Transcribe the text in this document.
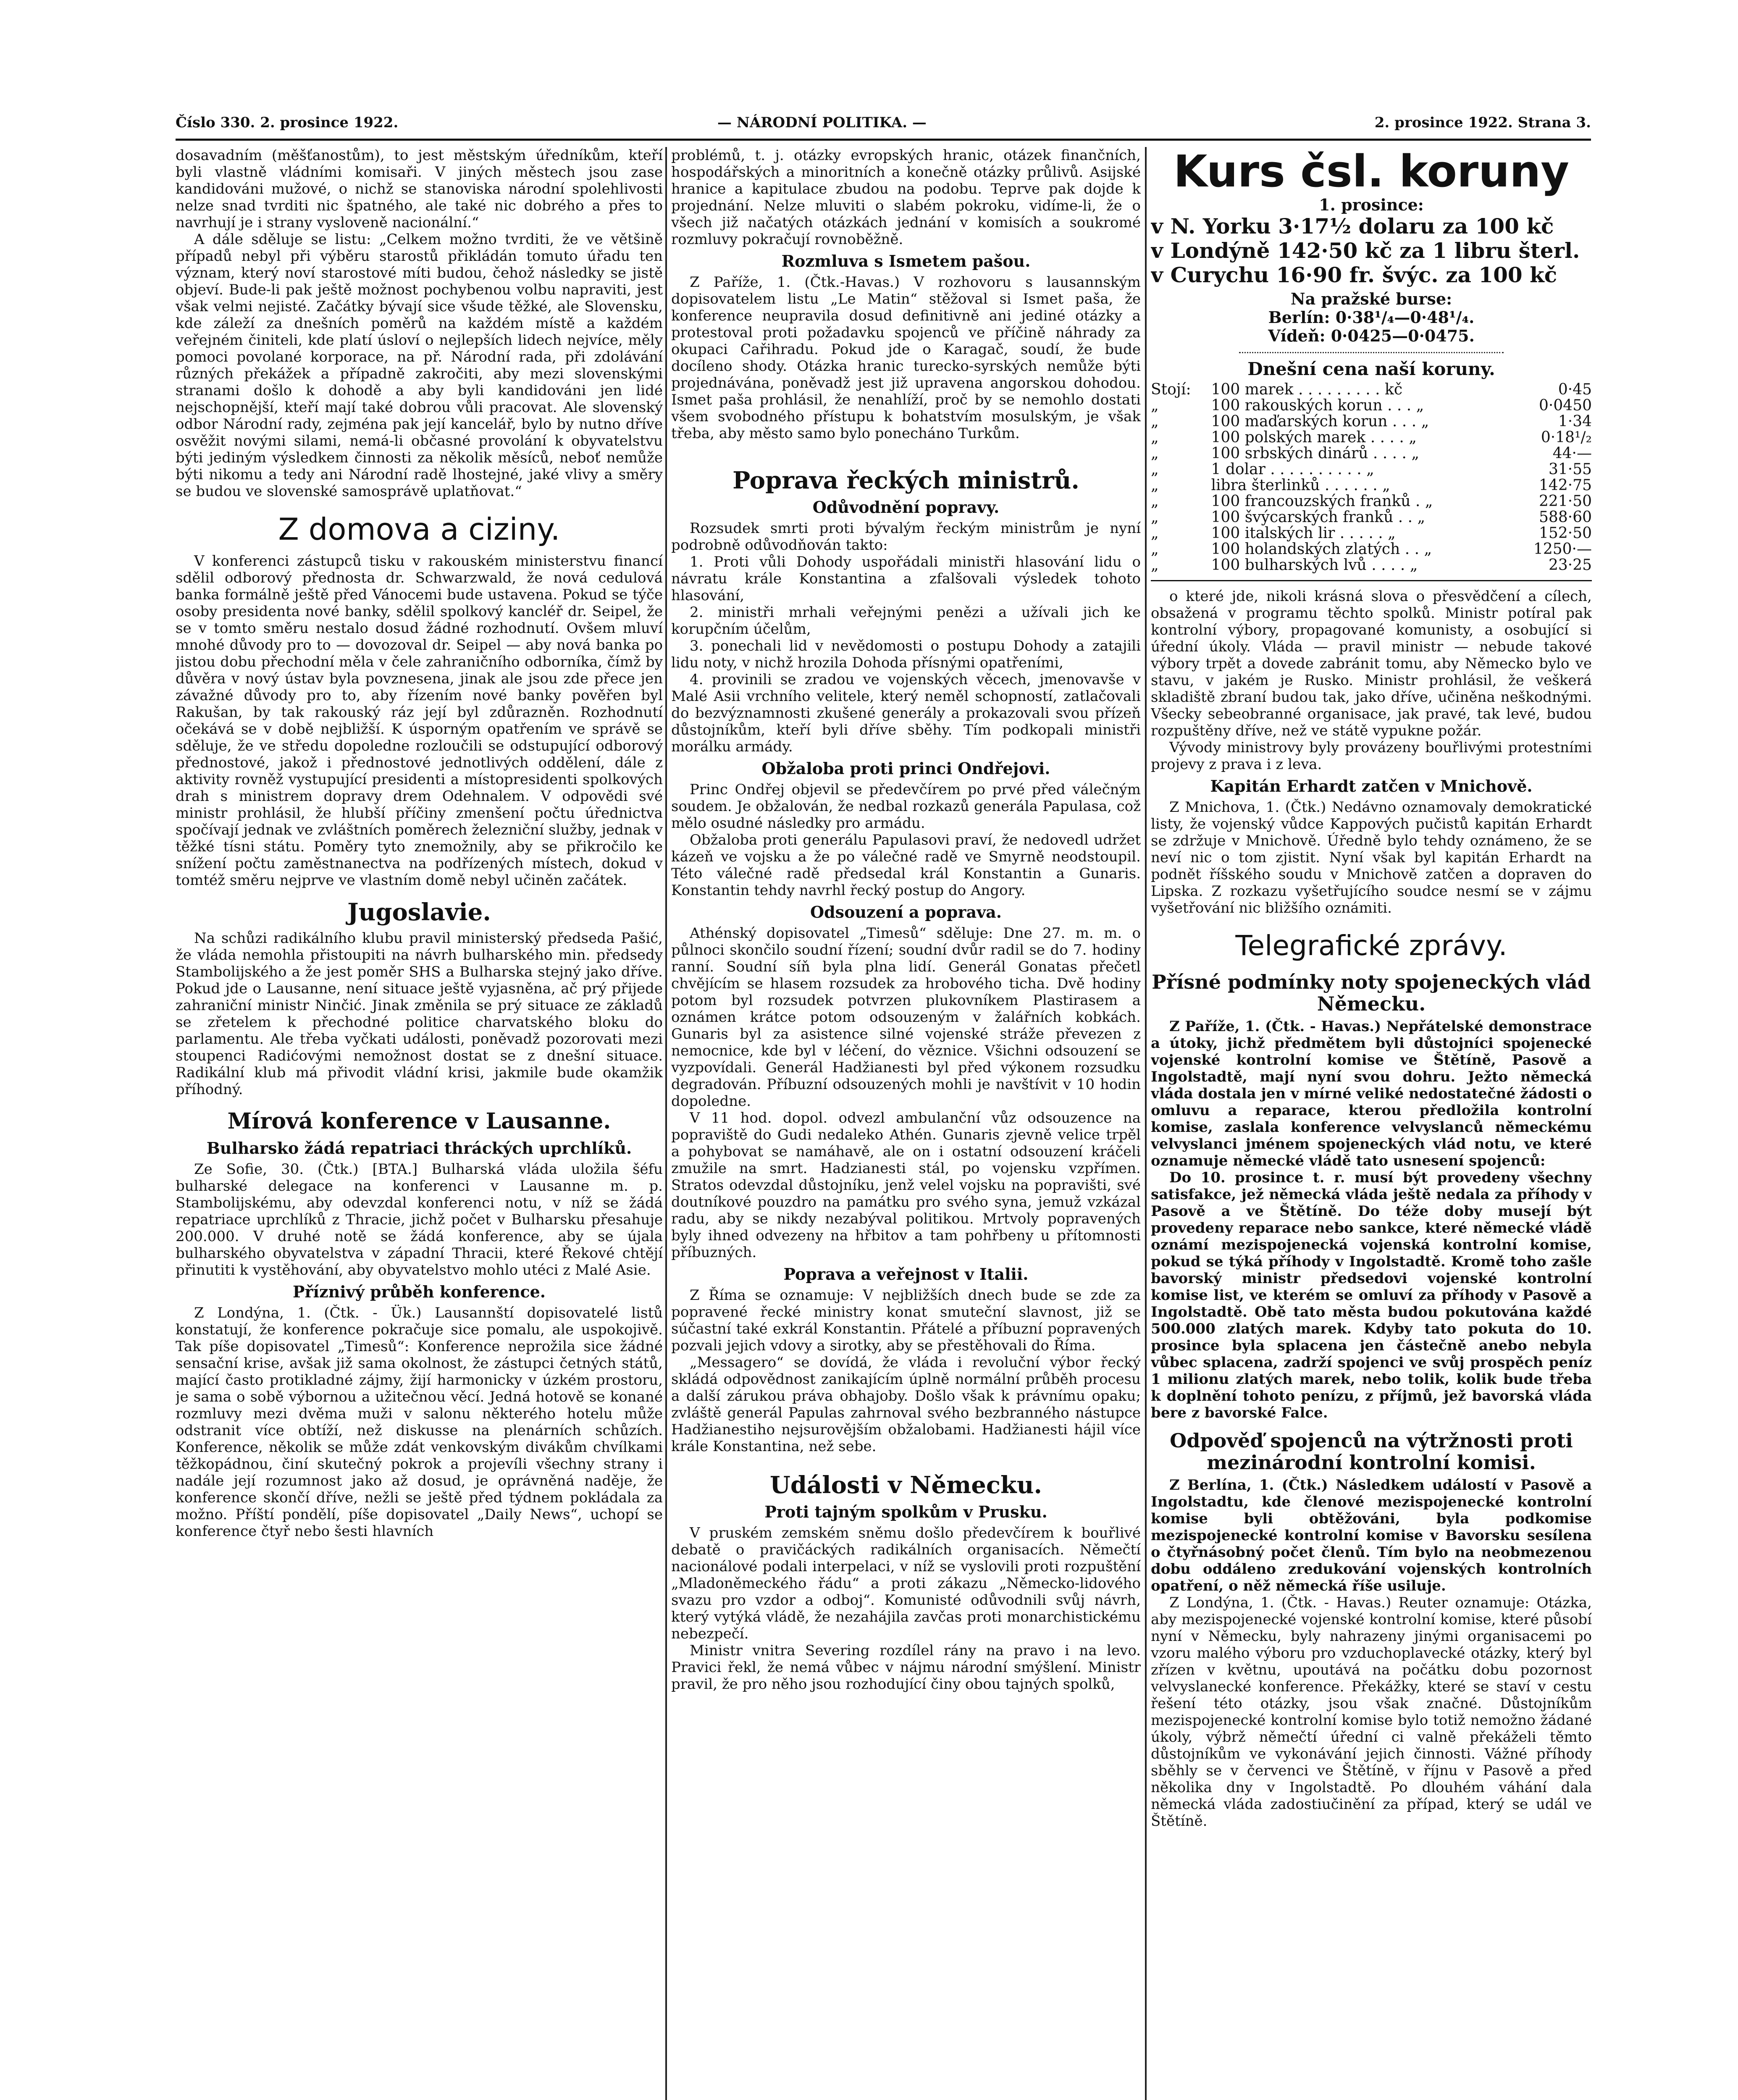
Číslo 330. 2. prosince 1922.	— NÁRODNÍ POLITIKA. —	2. prosince 1922. Strana 3.

dosavadním (měšťanostům), to jest městským úředníkům, kteří byli vlastně vládními komisaři. V jiných městech jsou zase kandidováni mužové, o nichž se stanoviska národní spolehlivosti nelze snad tvrditi nic špatného, ale také nic dobrého a přes to navrhují je i strany vysloveně nacionální.“

A dále sděluje se listu: „Celkem možno tvrditi, že ve většině případů nebyl při výběru starostů přikládán tomuto úřadu ten význam, který noví starostové míti budou, čehož následky se jistě objeví. Bude-li pak ještě možnost pochybenou volbu napraviti, jest však velmi nejisté. Začátky bývají sice všude těžké, ale Slovensku, kde záleží za dnešních poměrů na každém místě a každém veřejném činiteli, kde platí úsloví o nejlepších lidech nejvíce, měly pomoci povolané korporace, na př. Národní rada, při zdolávání různých překážek a případně zakročiti, aby mezi slovenskými stranami došlo k dohodě a aby byli kandidováni jen lidé nejschopnější, kteří mají také dobrou vůli pracovat. Ale slovenský odbor Národní rady, zejména pak její kancelář, bylo by nutno dříve osvěžit novými silami, nemá-li občasné provolání k obyvatelstvu býti jediným výsledkem činnosti za několik měsíců, neboť nemůže býti nikomu a tedy ani Národní radě lhostejné, jaké vlivy a směry se budou ve slovenské samosprávě uplatňovat.“

Z domova a ciziny.

V konferenci zástupců tisku v rakouském ministerstvu financí sdělil odborový přednosta dr. Schwarzwald, že nová cedulová banka formálně ještě před Vánocemi bude ustavena. Pokud se týče osoby presidenta nové banky, sdělil spolkový kancléř dr. Seipel, že se v tomto směru nestalo dosud žádné rozhodnutí. Ovšem mluví mnohé důvody pro to — dovozoval dr. Seipel — aby nová banka po jistou dobu přechodní měla v čele zahraničního odborníka, čímž by důvěra v nový ústav byla povznesena, jinak ale jsou zde přece jen závažné důvody pro to, aby řízením nové banky pověřen byl Rakušan, by tak rakouský ráz její byl zdůrazněn. Rozhodnutí očekává se v době nejbližší. K úsporným opatřením ve správě se sděluje, že ve středu dopoledne rozloučili se odstupující odborový přednostové, jakož i přednostové jednotlivých oddělení, dále z aktivity rovněž vystupující presidenti a místopresidenti spolkových drah s ministrem dopravy drem Odehnalem. V odpovědi své ministr prohlásil, že hlubší příčiny zmenšení počtu úřednictva spočívají jednak ve zvláštních poměrech železniční služby, jednak v těžké tísni státu. Poměry tyto znemožnily, aby se přikročilo ke snížení počtu zaměstnanectva na podřízených místech, dokud v tomtéž směru nejprve ve vlastním domě nebyl učiněn začátek.

Jugoslavie.

Na schůzi radikálního klubu pravil ministerský předseda Pašić, že vláda nemohla přistoupiti na návrh bulharského min. předsedy Stambolijského a že jest poměr SHS a Bulharska stejný jako dříve. Pokud jde o Lausanne, není situace ještě vyjasněna, ač prý přijede zahraniční ministr Ninčić. Jinak změnila se prý situace ze základů se zřetelem k přechodné politice charvatského bloku do parlamentu. Ale třeba vyčkati události, poněvadž pozorovati mezi stoupenci Radićovými nemožnost dostat se z dnešní situace. Radikální klub má přivodit vládní krisi, jakmile bude okamžik příhodný.

Mírová konference v Lausanne.
Bulharsko žádá repatriaci thráckých uprchlíků.

Ze Sofie, 30. (Čtk.) [BTA.] Bulharská vláda uložila šéfu bulharské delegace na konferenci v Lausanne m. p. Stambolijskému, aby odevzdal konferenci notu, v níž se žádá repatriace uprchlíků z Thracie, jichž počet v Bulharsku přesahuje 200.000. V druhé notě se žádá konference, aby se újala bulharského obyvatelstva v západní Thracii, které Řekové chtějí přinutiti k vystěhování, aby obyvatelstvo mohlo utéci z Malé Asie.

Příznivý průběh konference.

Z Londýna, 1. (Čtk. - Ük.) Lausannští dopisovatelé listů konstatují, že konference pokračuje sice pomalu, ale uspokojivě. Tak píše dopisovatel „Timesů“: Konference neprožila sice žádné sensační krise, avšak již sama okolnost, že zástupci četných států, mající často protikladné zájmy, žijí harmonicky v úzkém prostoru, je sama o sobě výbornou a užitečnou věcí. Jedná hotově se konané rozmluvy mezi dvěma muži v salonu některého hotelu může odstranit více obtíží, než diskusse na plenárních schůzích. Konference, několik se může zdát venkovským divákům chvílkami těžkopádnou, činí skutečný pokrok a projevíli všechny strany i nadále její rozumnost jako až dosud, je oprávněná naděje, že konference skončí dříve, nežli se ještě před týdnem pokládala za možno. Příští pondělí, píše dopisovatel „Daily News“, uchopí se konference čtyř nebo šesti hlavních

problémů, t. j. otázky evropských hranic, otázek finančních, hospodářských a minoritních a konečně otázky průlivů. Asijské hranice a kapitulace zbudou na podobu. Teprve pak dojde k projednání. Nelze mluviti o slabém pokroku, vidíme-li, že o všech již načatých otázkách jednání v komisích a soukromé rozmluvy pokračují rovnoběžně.

Rozmluva s Ismetem pašou.

Z Paříže, 1. (Čtk.-Havas.) V rozhovoru s lausannským dopisovatelem listu „Le Matin“ stěžoval si Ismet paša, že konference neupravila dosud definitivně ani jediné otázky a protestoval proti požadavku spojenců ve příčině náhrady za okupaci Cařihradu. Pokud jde o Karagač, soudí, že bude docíleno shody. Otázka hranic turecko-syrských nemůže býti projednávána, poněvadž jest již upravena angorskou dohodou. Ismet paša prohlásil, že nenahlíží, proč by se nemohlo dostati všem svobodného přístupu k bohatstvím mosulským, je však třeba, aby město samo bylo ponecháno Turkům.

Poprava řeckých ministrů.
Odůvodnění popravy.

Rozsudek smrti proti bývalým řeckým ministrům je nyní podrobně odůvodňován takto:

1. Proti vůli Dohody uspořádali ministři hlasování lidu o návratu krále Konstantina a zfalšovali výsledek tohoto hlasování,

2. ministři mrhali veřejnými penězi a užívali jich ke korupčním účelům,

3. ponechali lid v nevědomosti o postupu Dohody a zatajili lidu noty, v nichž hrozila Dohoda přísnými opatřeními,

4. provinili se zradou ve vojenských věcech, jmenovavše v Malé Asii vrchního velitele, který neměl schopností, zatlačovali do bezvýznamnosti zkušené generály a prokazovali svou přízeň důstojníkům, kteří byli dříve sběhy. Tím podkopali ministři morálku armády.

Obžaloba proti princi Ondřejovi.

Princ Ondřej objevil se předevčírem po prvé před válečným soudem. Je obžalován, že nedbal rozkazů generála Papulasa, což mělo osudné následky pro armádu.

Obžaloba proti generálu Papulasovi praví, že nedovedl udržet kázeň ve vojsku a že po válečné radě ve Smyrně neodstoupil. Této válečné radě předsedal král Konstantin a Gunaris. Konstantin tehdy navrhl řecký postup do Angory.

Odsouzení a poprava.

Athénský dopisovatel „Timesů“ sděluje: Dne 27. m. m. o půlnoci skončilo soudní řízení; soudní dvůr radil se do 7. hodiny ranní. Soudní síň byla plna lidí. Generál Gonatas přečetl chvějícím se hlasem rozsudek za hrobového ticha. Dvě hodiny potom byl rozsudek potvrzen plukovníkem Plastirasem a oznámen krátce potom odsouzeným v žalářních kobkách. Gunaris byl za asistence silné vojenské stráže převezen z nemocnice, kde byl v léčení, do věznice. Všichni odsouzení se vyzpovídali. Generál Hadžianesti byl před výkonem rozsudku degradován. Příbuzní odsouzených mohli je navštívit v 10 hodin dopoledne.

V 11 hod. dopol. odvezl ambulanční vůz odsouzence na popraviště do Gudi nedaleko Athén. Gunaris zjevně velice trpěl a pohybovat se namáhavě, ale on i ostatní odsouzení kráčeli zmužile na smrt. Hadzianesti stál, po vojensku vzpřímen. Stratos odevzdal důstojníku, jenž velel vojsku na popravišti, své doutníkové pouzdro na památku pro svého syna, jemuž vzkázal radu, aby se nikdy nezabýval politikou. Mrtvoly popravených byly ihned odvezeny na hřbitov a tam pohřbeny u přítomnosti příbuzných.

Poprava a veřejnost v Italii.

Z Říma se oznamuje: V nejbližších dnech bude se zde za popravené řecké ministry konat smuteční slavnost, již se súčastní také exkrál Konstantin. Přátelé a příbuzní popravených pozvali jejich vdovy a sirotky, aby se přestěhovali do Říma.

„Messagero“ se dovídá, že vláda i revoluční výbor řecký skládá odpovědnost zanikajícím úplně normální průběh procesu a další zárukou práva obhajoby. Došlo však k právnímu opaku; zvláště generál Papulas zahrnoval svého bezbranného nástupce Hadžianestiho nejsurovějším obžalobami. Hadžianesti hájil více krále Konstantina, než sebe.

Události v Německu.
Proti tajným spolkům v Prusku.

V pruském zemském sněmu došlo předevčírem k bouřlivé debatě o pravičáckých radikálních organisacích. Němečtí nacionálové podali interpelaci, v níž se vyslovili proti rozpuštění „Mladoněmeckého řádu“ a proti zákazu „Německo-lidového svazu pro vzdor a odboj“. Komunisté odůvodnili svůj návrh, který vytýká vládě, že nezahájila zavčas proti monarchistickému nebezpečí.

Ministr vnitra Severing rozdílel rány na pravo i na levo. Pravici řekl, že nemá vůbec v nájmu národní smýšlení. Ministr pravil, že pro něho jsou rozhodující činy obou tajných spolků,

Kurs čsl. koruny

1. prosince:

v N. Yorku 3·17½ dolaru za 100 kč

v Londýně 142·50 kč za 1 libru šterl.

v Curychu 16·90 fr. švýc. za 100 kč

Na pražské burse:

Berlín: 0·38¹/₄—0·48¹/₄.

Vídeň: 0·0425—0·0475.

Dnešní cena naší koruny.

Stojí:	100 marek . . . . . . . . . kč	0·45
„	100 rakouských korun . . . „	0·0450
„	100 maďarských korun . . . „	1·34
„	100 polských marek . . . . „	0·18¹/₂
„	100 srbských dinárů . . . . „	44·—
„	1 dolar . . . . . . . . . . „	31·55
„	libra šterlinků . . . . . . „	142·75
„	100 francouzských franků . „	221·50
„	100 švýcarských franků . . „	588·60
„	100 italských lir . . . . . „	152·50
„	100 holandských zlatých . . „	1250·—
„	100 bulharských lvů . . . . „	23·25

o které jde, nikoli krásná slova o přesvědčení a cílech, obsažená v programu těchto spolků. Ministr potíral pak kontrolní výbory, propagované komunisty, a osobující si úřední úkoly. Vláda — pravil ministr — nebude takové výbory trpět a dovede zabránit tomu, aby Německo bylo ve stavu, v jakém je Rusko. Ministr prohlásil, že veškerá skladiště zbraní budou tak, jako dříve, učiněna neškodnými. Všecky sebeobranné organisace, jak pravé, tak levé, budou rozpuštěny dříve, než ve státě vypukne požár.

Vývody ministrovy byly provázeny bouřlivými protestními projevy z prava i z leva.

Kapitán Erhardt zatčen v Mnichově.

Z Mnichova, 1. (Čtk.) Nedávno oznamovaly demokratické listy, že vojenský vůdce Kappových pučistů kapitán Erhardt se zdržuje v Mnichově. Úředně bylo tehdy oznámeno, že se neví nic o tom zjistit. Nyní však byl kapitán Erhardt na podnět říšského soudu v Mnichově zatčen a dopraven do Lipska. Z rozkazu vyšetřujícího soudce nesmí se v zájmu vyšetřování nic bližšího oznámiti.

Telegrafické zprávy.
Přísné podmínky noty spojeneckých vlád Německu.

Z Paříže, 1. (Čtk. - Havas.) Nepřátelské demonstrace a útoky, jichž předmětem byli důstojníci spojenecké vojenské kontrolní komise ve Štětíně, Pasově a Ingolstadtě, mají nyní svou dohru. Ježto německá vláda dostala jen v mírné veliké nedostatečné žádosti o omluvu a reparace, kterou předložila kontrolní komise, zaslala konference velvyslanců německému velvyslanci jménem spojeneckých vlád notu, ve které oznamuje německé vládě tato usnesení spojenců:

Do 10. prosince t. r. musí být provedeny všechny satisfakce, jež německá vláda ještě nedala za příhody v Pasově a ve Štětíně. Do téže doby musejí být provedeny reparace nebo sankce, které německé vládě oznámí mezispojenecká vojenská kontrolní komise, pokud se týká příhody v Ingolstadtě. Kromě toho zašle bavorský ministr předsedovi vojenské kontrolní komise list, ve kterém se omluví za příhody v Pasově a Ingolstadtě. Obě tato města budou pokutována každé 500.000 zlatých marek. Kdyby tato pokuta do 10. prosince byla splacena jen částečně anebo nebyla vůbec splacena, zadrží spojenci ve svůj prospěch peníz 1 milionu zlatých marek, nebo tolik, kolik bude třeba k doplnění tohoto penízu, z příjmů, jež bavorská vláda bere z bavorské Falce.

Odpověď spojenců na výtržnosti proti mezinárodní kontrolní komisi.

Z Berlína, 1. (Čtk.) Následkem událostí v Pasově a Ingolstadtu, kde členové mezispojenecké kontrolní komise byli obtěžováni, byla podkomise mezispojenecké kontrolní komise v Bavorsku sesílena o čtyřnásobný počet členů. Tím bylo na neobmezenou dobu oddáleno zredukování vojenských kontrolních opatření, o něž německá říše usiluje.

Z Londýna, 1. (Čtk. - Havas.) Reuter oznamuje: Otázka, aby mezispojenecké vojenské kontrolní komise, které působí nyní v Německu, byly nahrazeny jinými organisacemi po vzoru malého výboru pro vzduchoplavecké otázky, který byl zřízen v květnu, upoutává na počátku dobu pozornost velvyslanecké konference. Překážky, které se staví v cestu řešení této otázky, jsou však značné. Důstojníkům mezispojenecké kontrolní komise bylo totiž nemožno žádané úkoly, výbrž němečtí úřední ci valně překáželi těmto důstojníkům ve vykonávání jejich činnosti. Vážné příhody sběhly se v červenci ve Štětíně, v říjnu v Pasově a před několika dny v Ingolstadtě. Po dlouhém váhání dala německá vláda zadostiučinění za případ, který se udál ve Štětíně.
